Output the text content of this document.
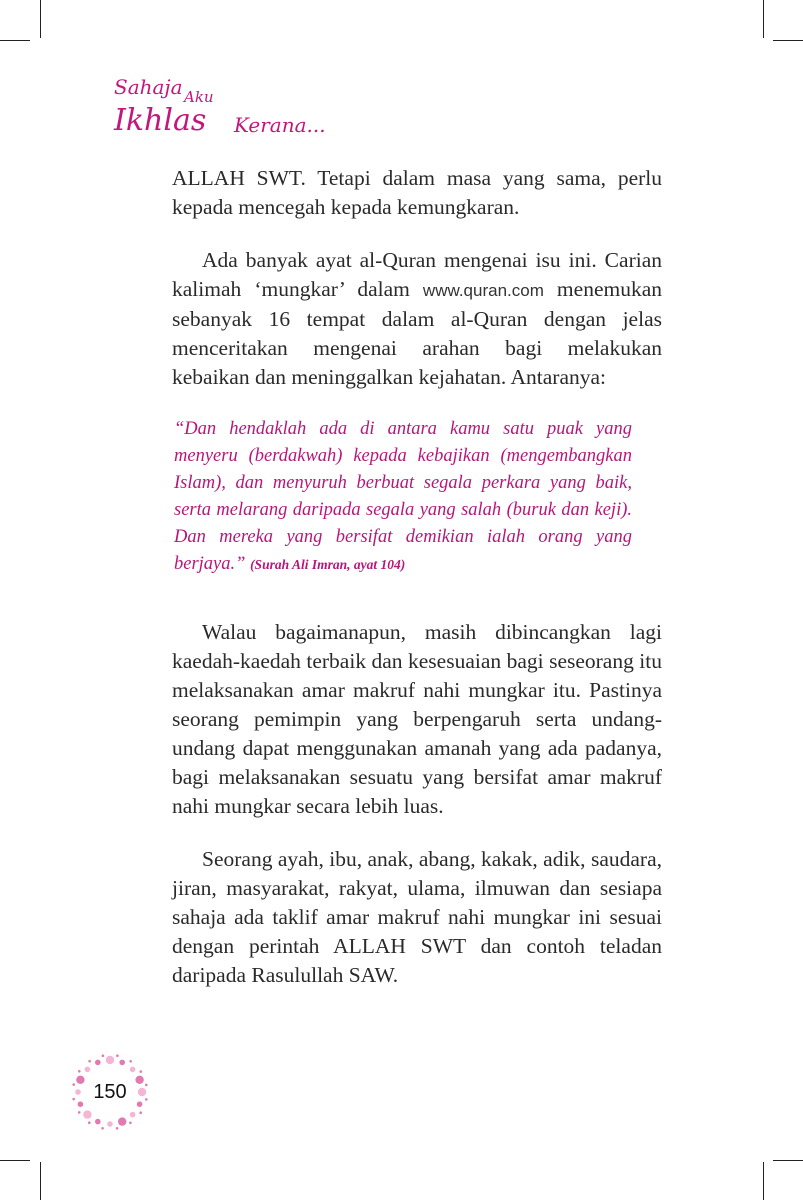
Sahaja Aku
Ikhlas Kerana...

ALLAH SWT. Tetapi dalam masa yang sama, perlu kepada mencegah kepada kemungkaran.

Ada banyak ayat al-Quran mengenai isu ini. Carian kalimah ‘mungkar’ dalam www.quran.com menemukan sebanyak 16 tempat dalam al-Quran dengan jelas menceritakan mengenai arahan bagi melakukan kebaikan dan meninggalkan kejahatan. Antaranya:

“Dan hendaklah ada di antara kamu satu puak yang menyeru (berdakwah) kepada kebajikan (mengembangkan Islam), dan menyuruh berbuat segala perkara yang baik, serta melarang daripada segala yang salah (buruk dan keji). Dan mereka yang bersifat demikian ialah orang yang berjaya.” (Surah Ali Imran, ayat 104)

Walau bagaimanapun, masih dibincangkan lagi kaedah-kaedah terbaik dan kesesuaian bagi seseorang itu melaksanakan amar makruf nahi mungkar itu. Pastinya seorang pemimpin yang berpengaruh serta undang-undang dapat menggunakan amanah yang ada padanya, bagi melaksanakan sesuatu yang bersifat amar makruf nahi mungkar secara lebih luas.

Seorang ayah, ibu, anak, abang, kakak, adik, saudara, jiran, masyarakat, rakyat, ulama, ilmuwan dan sesiapa sahaja ada taklif amar makruf nahi mungkar ini sesuai dengan perintah ALLAH SWT dan contoh teladan daripada Rasulullah SAW.

150
